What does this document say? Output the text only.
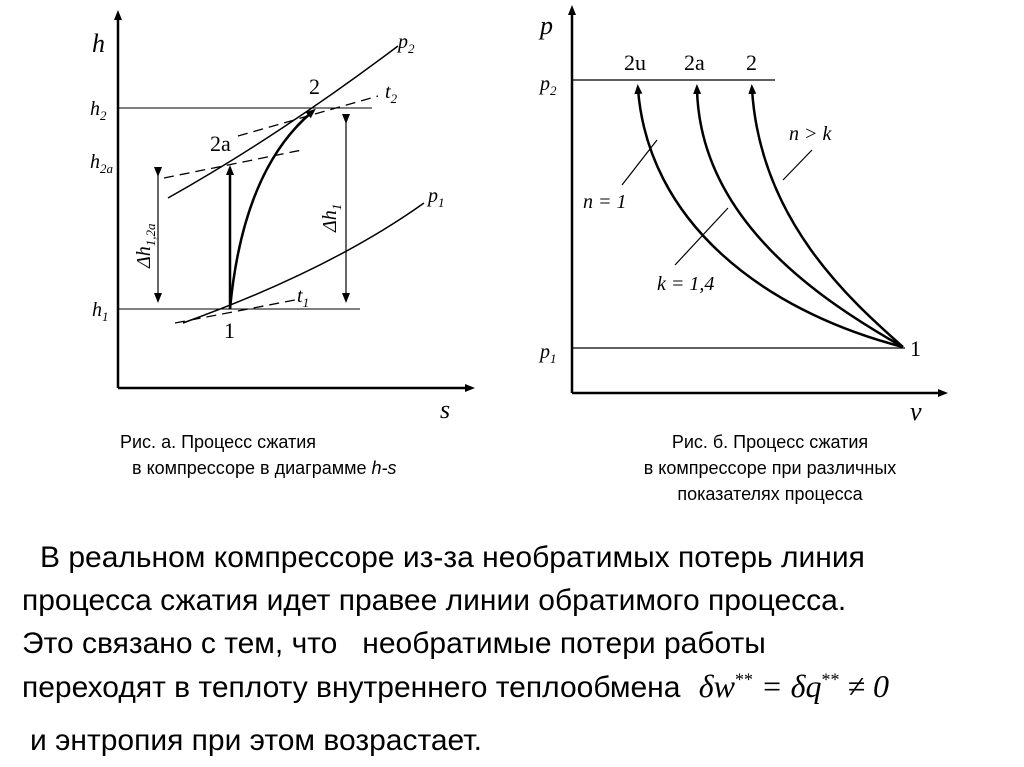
h
s
$h_2$
$h_{2a}$
$h_1$
$p_2$
$p_1$
$t_2$
$t_1$
2
2a
1
$\Delta h_1$
$\Delta h_{1,2a}$
p
v
$p_2$
$p_1$
2u 2a 2
1
n > k
n = 1
k = 1,4
Рис. а. Процесс сжатия
в компрессоре в диаграмме h-s
Рис. б. Процесс сжатия
в компрессоре при различных
показателях процесса

В реальном компрессоре из-за необратимых потерь линия

процесса сжатия идет правее линии обратимого процесса.

Это связано с тем, что   необратимые потери работы

переходят в теплоту внутреннего теплообмена δw** = δq** ≠ 0

и энтропия при этом возрастает.
